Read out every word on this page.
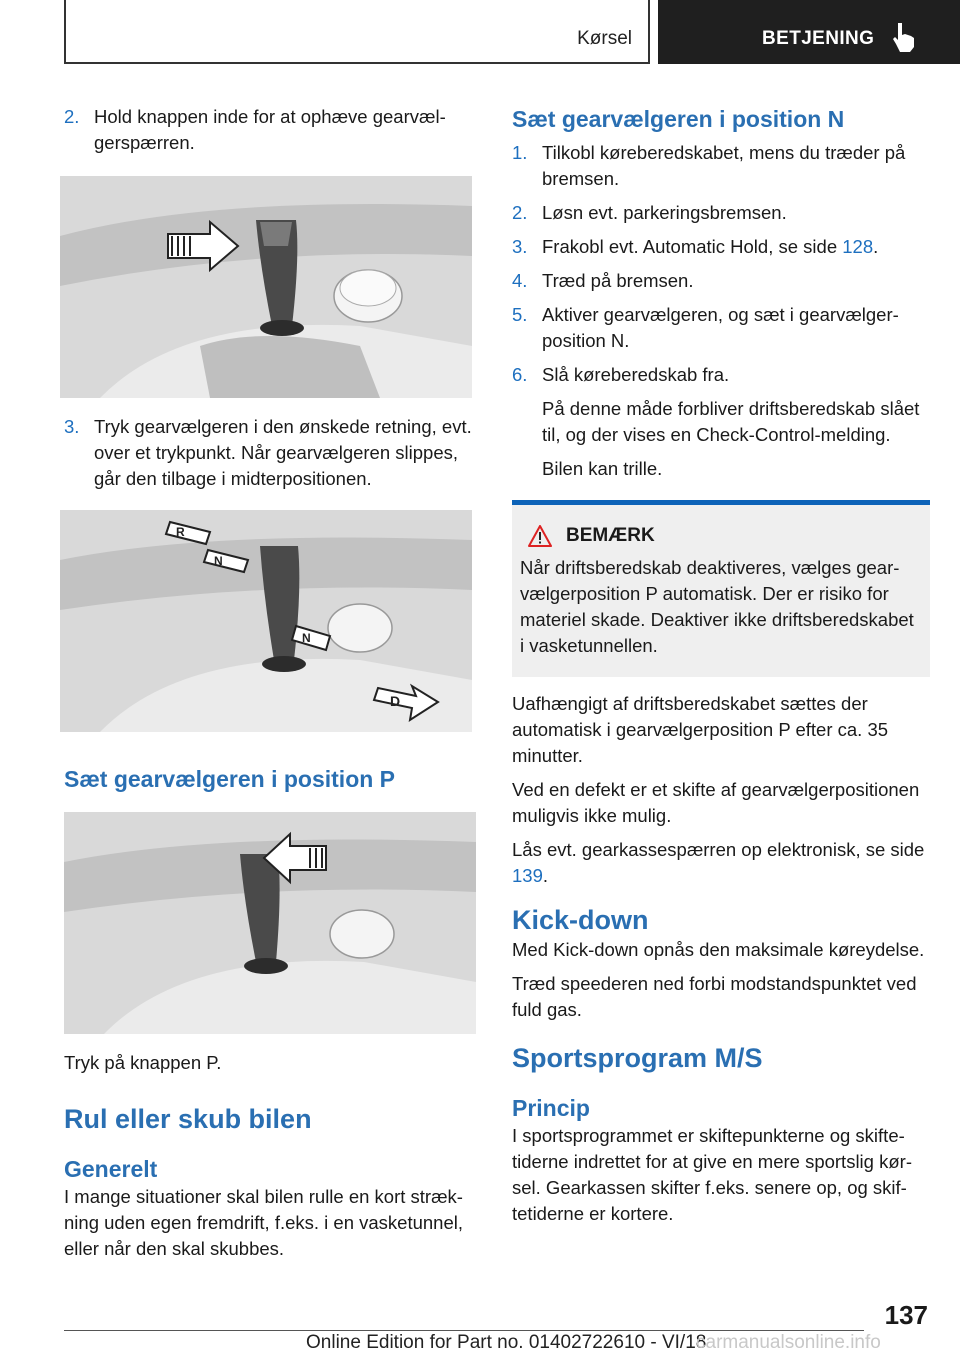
Kørsel	BETJENING
2. Hold knappen inde for at ophæve gearvælgerspærren.
3. Tryk gearvælgeren i den ønskede retning, evt. over et trykpunkt. Når gearvælgeren slippes, går den tilbage i midterpositionen.
R
N
N
D
Sæt gearvælgeren i position P
Tryk på knappen P.
Rul eller skub bilen
Generelt
I mange situationer skal bilen rulle en kort strækning uden egen fremdrift, f.eks. i en vasketunnel, eller når den skal skubbes.
Sæt gearvælgeren i position N
1. Tilkobl køreberedskabet, mens du træder på bremsen.
2. Løsn evt. parkeringsbremsen.
3. Frakobl evt. Automatic Hold, se side 128.
4. Træd på bremsen.
5. Aktiver gearvælgeren, og sæt i gearvælgerposition N.
6. Slå køreberedskab fra.
På denne måde forbliver driftsberedskab slået til, og der vises en Check-Control-melding.
Bilen kan trille.
BEMÆRK
Når driftsberedskab deaktiveres, vælges gearvælgerposition P automatisk. Der er risiko for materiel skade. Deaktiver ikke driftsberedskabet i vasketunnellen.
Uafhængigt af driftsberedskabet sættes der automatisk i gearvælgerposition P efter ca. 35 minutter.
Ved en defekt er et skifte af gearvælgerpositionen muligvis ikke mulig.
Lås evt. gearkassespærren op elektronisk, se side 139.
Kick-down
Med Kick-down opnås den maksimale køreydelse.
Træd speederen ned forbi modstandspunktet ved fuld gas.
Sportsprogram M/S
Princip
I sportsprogrammet er skiftepunkterne og skiftetiderne indrettet for at give en mere sportslig kørsel. Gearkassen skifter f.eks. senere op, og skiftetiderne er kortere.
137
Online Edition for Part no. 01402722610 - VI/18
carmanualsonline.info
